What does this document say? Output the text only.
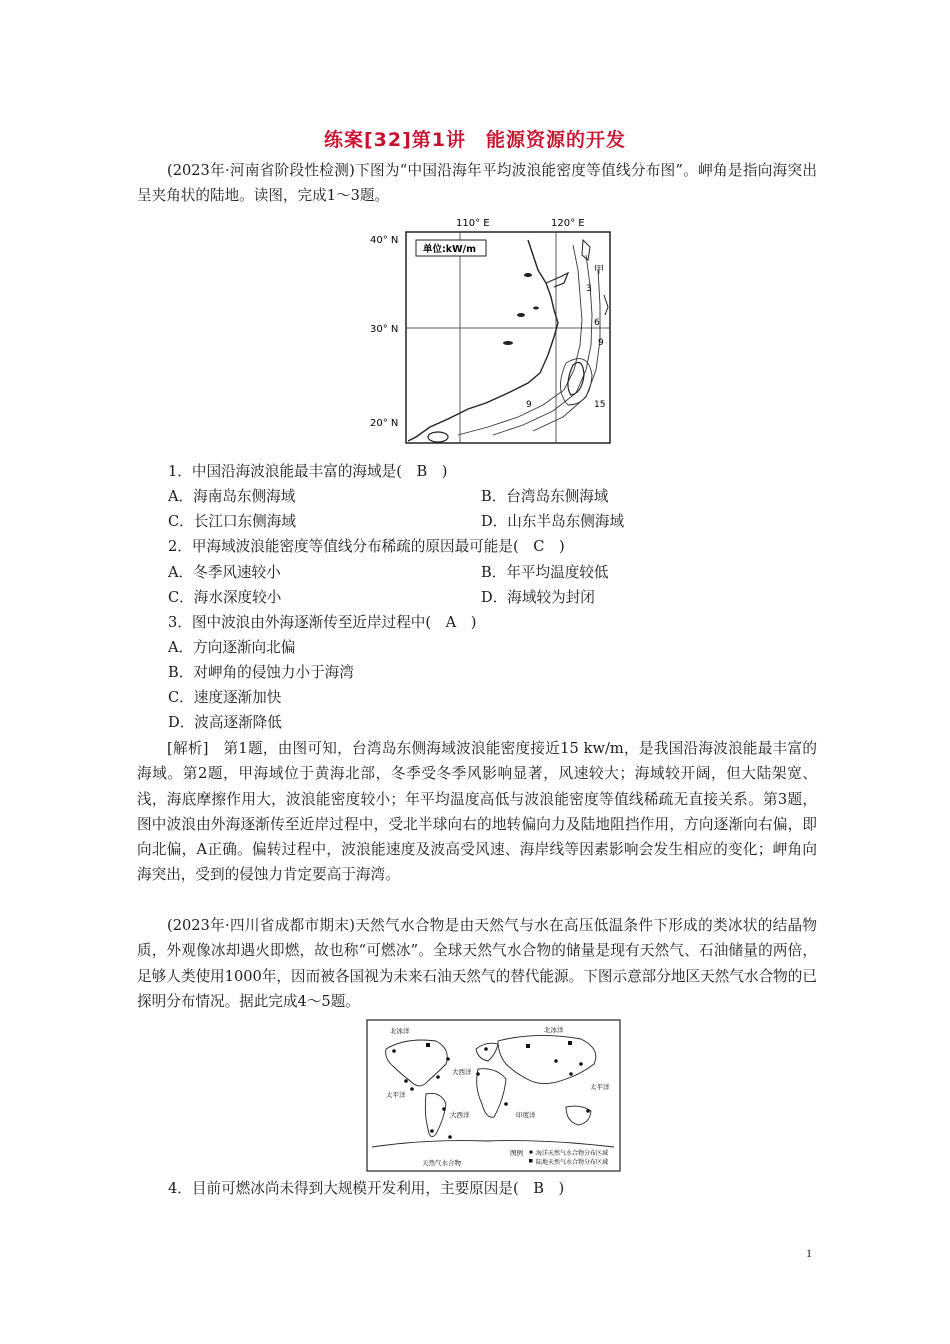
练案[32]第1讲　能源资源的开发
(2023年·河南省阶段性检测)下图为“中国沿海年平均波浪能密度等值线分布图”。岬角是指向海突出呈夹角状的陆地。读图，完成1～3题。
110° E	120° E
40° N
30° N
20° N
单位:kW/m
甲
3
6
9
15
9
1．中国沿海波浪能最丰富的海域是(　B　)
A．海南岛东侧海域	B．台湾岛东侧海域
C．长江口东侧海域	D．山东半岛东侧海域
2．甲海域波浪能密度等值线分布稀疏的原因最可能是(　C　)
A．冬季风速较小	B．年平均温度较低
C．海水深度较小	D．海域较为封闭
3．图中波浪由外海逐渐传至近岸过程中(　A　)
A．方向逐渐向北偏
B．对岬角的侵蚀力小于海湾
C．速度逐渐加快
D．波高逐渐降低
[解析]　第1题，由图可知，台湾岛东侧海域波浪能密度接近15 kw/m，是我国沿海波浪能最丰富的海域。第2题，甲海域位于黄海北部，冬季受冬季风影响显著，风速较大；海域较开阔，但大陆架宽、浅，海底摩擦作用大，波浪能密度较小；年平均温度高低与波浪能密度等值线稀疏无直接关系。第3题，图中波浪由外海逐渐传至近岸过程中，受北半球向右的地转偏向力及陆地阻挡作用，方向逐渐向右偏，即向北偏，A正确。偏转过程中，波浪能速度及波高受风速、海岸线等因素影响会发生相应的变化；岬角向海突出，受到的侵蚀力肯定要高于海湾。
(2023年·四川省成都市期末)天然气水合物是由天然气与水在高压低温条件下形成的类冰状的结晶物质，外观像冰却遇火即燃，故也称“可燃冰”。全球天然气水合物的储量是现有天然气、石油储量的两倍，足够人类使用1000年，因而被各国视为未来石油天然气的替代能源。下图示意部分地区天然气水合物的已探明分布情况。据此完成4～5题。
北冰洋	北冰洋
大西洋
太平洋
太平洋
大西洋	印度洋
图例 海洋天然气水合物分布区域
陆地天然气水合物分布区域
天然气水合物
4．目前可燃冰尚未得到大规模开发利用，主要原因是(　B　)
1
